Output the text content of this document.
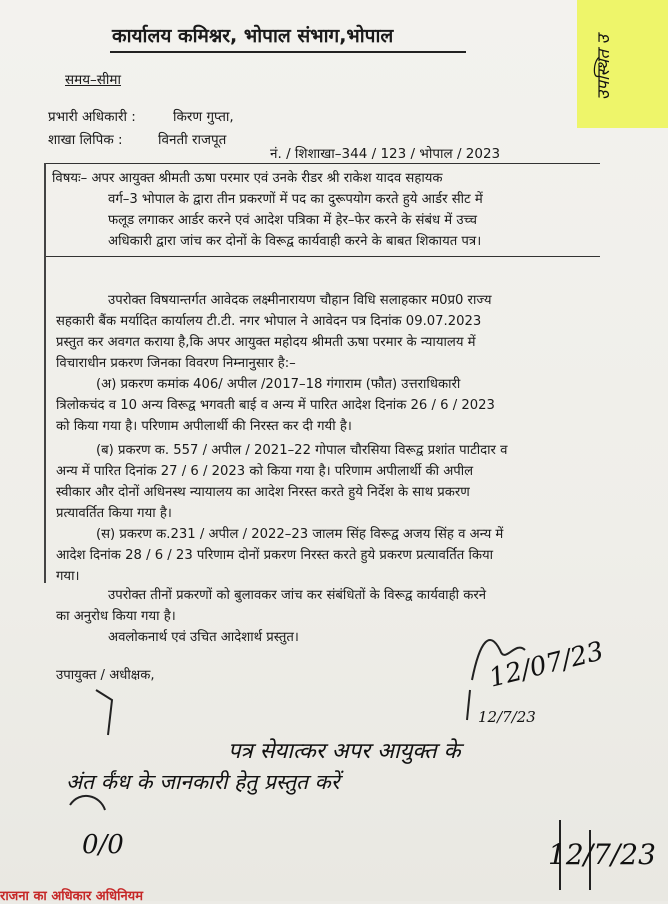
उपस्थित उ
कार्यालय कमिश्नर, भोपाल संभाग,भोपाल
समय–सीमा
प्रभारी अधिकारी :	किरण गुप्ता,
शाखा लिपिक :	विनती राजपूत
नं. / शिशाखा–344 / 123 / भोपाल / 2023
विषयः– अपर आयुक्त श्रीमती ऊषा परमार एवं उनके रीडर श्री राकेश यादव सहायक
वर्ग–3 भोपाल के द्वारा तीन प्रकरणों में पद का दुरूपयोग करते हुये आर्डर सीट में
फलूड लगाकर आर्डर करने एवं आदेश पत्रिका में हेर–फेर करने के संबंध में उच्च
अधिकारी द्वारा जांच कर दोनों के विरूद्व कार्यवाही करने के बाबत शिकायत पत्र।
उपरोक्त विषयान्तर्गत आवेदक लक्ष्मीनारायण चौहान विधि सलाहकार म0प्र0 राज्य
सहकारी बैंक मर्यादित कार्यालय टी.टी. नगर भोपाल ने आवेदन पत्र दिनांक 09.07.2023
प्रस्तुत कर अवगत कराया है,कि अपर आयुक्त महोदय श्रीमती ऊषा परमार के न्यायालय में
विचाराधीन प्रकरण जिनका विवरण निम्नानुसार है:–
(अ) प्रकरण कमांक 406/ अपील /2017–18 गंगाराम (फौत) उत्तराधिकारी
त्रिलोकचंद व 10 अन्य विरूद्व भगवती बाई व अन्य में पारित आदेश दिनांक 26 / 6 / 2023
को किया गया है। परिणाम अपीलार्थी की निरस्त कर दी गयी है।
(ब) प्रकरण क. 557 / अपील / 2021–22 गोपाल चौरसिया विरूद्व प्रशांत पाटीदार व
अन्य में पारित दिनांक 27 / 6 / 2023 को किया गया है। परिणाम अपीलार्थी की अपील
स्वीकार और दोनों अधिनस्थ न्यायालय का आदेश निरस्त करते हुये निर्देश के साथ प्रकरण
प्रत्यावर्तित किया गया है।
(स) प्रकरण क.231 / अपील / 2022–23 जालम सिंह विरूद्व अजय सिंह व अन्य में
आदेश दिनांक 28 / 6 / 23 परिणाम दोनों प्रकरण निरस्त करते हुये प्रकरण प्रत्यावर्तित किया
गया।
उपरोक्त तीनों प्रकरणों को बुलावकर जांच कर संबंधितों के विरूद्व कार्यवाही करने
का अनुरोध किया गया है।
अवलोकनार्थ एवं उचित आदेशार्थ प्रस्तुत।
उपायुक्त / अधीक्षक,	12/07/23
12/7/23
पत्र सेयात्कर अपर आयुक्त के
अंत र्कंध के जानकारी हेतु प्रस्तुत करें
0/0	12/7/23
राजना का अधिकार अधिनियम
